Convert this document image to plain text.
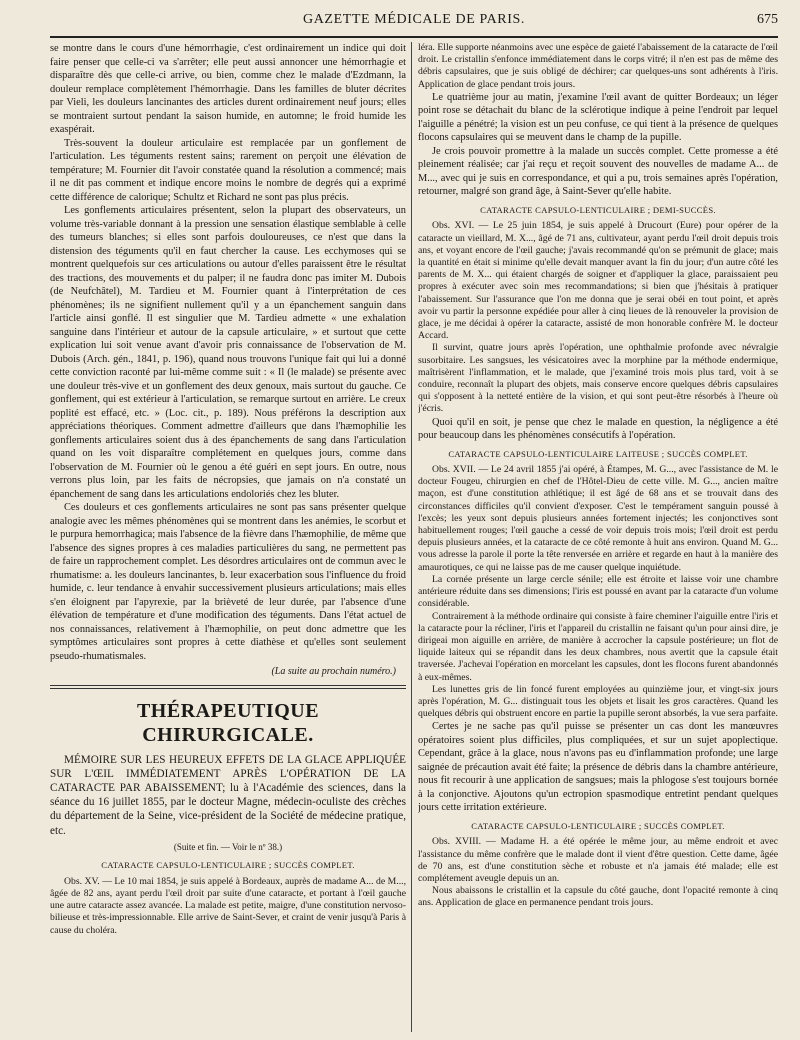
GAZETTE MÉDICALE DE PARIS.	675

se montre dans le cours d'une hémorrhagie, c'est ordinairement un indice qui doit faire penser que celle-ci va s'arrêter; elle peut aussi annoncer une hémorrhagie et disparaître dès que celle-ci arrive, ou bien, comme chez le malade d'Ezdmann, la douleur remplace complètement l'hémorrhagie. Dans les familles de bluter décrites par Vieli, les douleurs lancinantes des articles durent ordinairement neuf jours; elles se montraient surtout pendant la saison humide, en automne; le froid humide les exaspérait.

Très-souvent la douleur articulaire est remplacée par un gonflement de l'articulation. Les téguments restent sains; rarement on perçoit une élévation de température; M. Fournier dit l'avoir constatée quand la résolution a commencé; mais il ne dit pas comment et indique encore moins le nombre de degrés qui a exprimé cette différence de calorique; Schultz et Richard ne sont pas plus précis.

Les gonflements articulaires présentent, selon la plupart des observateurs, un volume très-variable donnant à la pression une sensation élastique semblable à celle des tumeurs blanches; si elles sont parfois douloureuses, ce n'est que dans la distension des téguments qu'il en faut chercher la cause. Les ecchymoses qui se montrent quelquefois sur ces articulations ou autour d'elles paraissent être le résultat des tractions, des mouvements et du palper; il ne faudra donc pas imiter M. Dubois (de Neufchâtel), M. Tardieu et M. Fournier quant à l'interprétation de ces phénomènes; ils ne signifient nullement qu'il y a un épanchement sanguin dans l'article ainsi gonflé. Il est singulier que M. Tardieu admette « une exhalation sanguine dans l'intérieur et autour de la capsule articulaire, » et surtout que cette explication lui soit venue avant d'avoir pris connaissance de l'observation de M. Dubois (Arch. gén., 1841, p. 196), quand nous trouvons l'unique fait qui lui a donné cette conviction raconté par lui-même comme suit : « Il (le malade) se présente avec une douleur très-vive et un gonflement des deux genoux, mais surtout du gauche. Ce gonflement, qui est extérieur à l'articulation, se remarque surtout en arrière. Le creux poplité est effacé, etc. » (Loc. cit., p. 189). Nous préférons la description aux appréciations théoriques. Comment admettre d'ailleurs que dans l'hæmophilie les gonflements articulaires soient dus à des épanchements de sang dans l'articulation quand on les voit disparaître complétement en quelques jours, comme dans l'observation de M. Fournier où le genou a été guéri en sept jours. En outre, nous verrons plus loin, par les faits de nécropsies, que jamais on n'a constaté un épanchement de sang dans les articulations endoloriés chez les bluter.

Ces douleurs et ces gonflements articulaires ne sont pas sans présenter quelque analogie avec les mêmes phénomènes qui se montrent dans les anémies, le scorbut et le purpura hemorrhagica; mais l'absence de la fièvre dans l'hæmophilie, de même que l'absence des signes propres à ces maladies particulières du sang, ne permettent pas de faire un rapprochement complet. Les désordres articulaires ont de commun avec le rhumatisme: a. les douleurs lancinantes, b. leur exacerbation sous l'influence du froid humide, c. leur tendance à envahir successivement plusieurs articulations; mais elles s'en éloignent par l'apyrexie, par la brièveté de leur durée, par l'absence d'une élévation de température et d'une modification des téguments. Dans l'état actuel de nos connaissances, relativement à l'hæmophilie, on peut donc admettre que les symptômes articulaires sont propres à cette diathèse et qu'elles sont seulement pseudo-rhumatismales.

(La suite au prochain numéro.)
THÉRAPEUTIQUE CHIRURGICALE.

MÉMOIRE SUR LES HEUREUX EFFETS DE LA GLACE APPLIQUÉE SUR L'ŒIL IMMÉDIATEMENT APRÈS L'OPÉRATION DE LA CATARACTE PAR ABAISSEMENT; lu à l'Académie des sciences, dans la séance du 16 juillet 1855, par le docteur Magne, médecin-oculiste des crèches du département de la Seine, vice-président de la Société de médecine pratique, etc.

(Suite et fin. — Voir le nº 38.)
CATARACTE CAPSULO-LENTICULAIRE ; SUCCÈS COMPLET.

Obs. XV. — Le 10 mai 1854, je suis appelé à Bordeaux, auprès de madame A... de M..., âgée de 82 ans, ayant perdu l'œil droit par suite d'une cataracte, et portant à l'œil gauche une autre cataracte assez avancée. La malade est petite, maigre, d'une constitution nervoso-bilieuse et très-impressionnable. Elle arrive de Saint-Sever, et craint de venir jusqu'à Paris à cause du choléra.

léra. Elle supporte néanmoins avec une espèce de gaieté l'abaissement de la cataracte de l'œil droit. Le cristallin s'enfonce immédiatement dans le corps vitré; il n'en est pas de même des débris capsulaires, que je suis obligé de déchirer; car quelques-uns sont adhérents à l'iris. Application de glace pendant trois jours.

Le quatrième jour au matin, j'examine l'œil avant de quitter Bordeaux; un léger point rose se détachait du blanc de la sclérotique indique à peine l'endroit par lequel l'aiguille a pénétré; la vision est un peu confuse, ce qui tient à la présence de quelques flocons capsulaires qui se meuvent dans le champ de la pupille.

Je crois pouvoir promettre à la malade un succès complet. Cette promesse a été pleinement réalisée; car j'ai reçu et reçoit souvent des nouvelles de madame A... de M..., avec qui je suis en correspondance, et qui a pu, trois semaines après l'opération, retourner, malgré son grand âge, à Saint-Sever qu'elle habite.

CATARACTE CAPSULO-LENTICULAIRE ; DEMI-SUCCÈS.

Obs. XVI. — Le 25 juin 1854, je suis appelé à Drucourt (Eure) pour opérer de la cataracte un vieillard, M. X..., âgé de 71 ans, cultivateur, ayant perdu l'œil droit depuis trois ans, et voyant encore de l'œil gauche; j'avais recommandé qu'on se prémunit de glace; mais la quantité en était si minime qu'elle devait manquer avant la fin du jour; d'un autre côté les parents de M. X... qui étaient chargés de soigner et d'appliquer la glace, paraissaient peu propres à exécuter avec soin mes recommandations; si bien que j'hésitais à pratiquer l'abaissement. Sur l'assurance que l'on me donna que je serai obéi en tout point, et après avoir vu partir la personne expédiée pour aller à cinq lieues de là renouveler la provision de glace, je me décidai à opérer la cataracte, assisté de mon honorable confrère M. le docteur Accard.

Il survint, quatre jours après l'opération, une ophthalmie profonde avec névralgie susorbitaire. Les sangsues, les vésicatoires avec la morphine par la méthode endermique, maîtrisèrent l'inflammation, et le malade, que j'examiné trois mois plus tard, voit à se conduire, reconnaît la plupart des objets, mais conserve encore quelques débris capsulaires qui s'opposent à la netteté entière de la vision, et qui sont peut-être résorbés à l'heure où j'écris.

Quoi qu'il en soit, je pense que chez le malade en question, la négligence a été pour beaucoup dans les phénomènes consécutifs à l'opération.

CATARACTE CAPSULO-LENTICULAIRE LAITEUSE ; SUCCÈS COMPLET.

Obs. XVII. — Le 24 avril 1855 j'ai opéré, à Étampes, M. G..., avec l'assistance de M. le docteur Fougeu, chirurgien en chef de l'Hôtel-Dieu de cette ville. M. G..., ancien maître maçon, est d'une constitution athlétique; il est âgé de 68 ans et se trouvait dans des circonstances difficiles qu'il convient d'exposer. C'est le tempérament sanguin poussé à l'excès; les yeux sont depuis plusieurs années fortement injectés; les conjonctives sont habituellement rouges; l'œil gauche a cessé de voir depuis trois mois; l'œil droit est perdu depuis plusieurs années, et la cataracte de ce côté remonte à huit ans environ. Quand M. G... vous adresse la parole il porte la tête renversée en arrière et regarde en haut à la manière des amaurotiques, ce qui ne laisse pas de me causer quelque inquiétude.

La cornée présente un large cercle sénile; elle est étroite et laisse voir une chambre antérieure réduite dans ses dimensions; l'iris est poussé en avant par la cataracte d'un volume considérable.

Contrairement à la méthode ordinaire qui consiste à faire cheminer l'aiguille entre l'iris et la cataracte pour la récliner, l'iris et l'appareil du cristallin ne faisant qu'un pour ainsi dire, je dirigeai mon aiguille en arrière, de manière à accrocher la capsule postérieure; un flot de liquide laiteux qui se répandit dans les deux chambres, nous avertit que la capsule était traversée. J'achevai l'opération en morcelant les capsules, dont les flocons furent abandonnés à eux-mêmes.

Les lunettes gris de lin foncé furent employées au quinzième jour, et vingt-six jours après l'opération, M. G... distinguait tous les objets et lisait les gros caractères. Quand les quelques débris qui obstruent encore en partie la pupille seront absorbés, la vue sera parfaite.

Certes je ne sache pas qu'il puisse se présenter un cas dont les manœuvres opératoires soient plus difficiles, plus compliquées, et sur un sujet apoplectique. Cependant, grâce à la glace, nous n'avons pas eu d'inflammation profonde; une large saignée de précaution avait été faite; la présence de débris dans la chambre antérieure, nous fit recourir à une application de sangsues; mais la phlogose s'est toujours bornée à la conjonctive. Ajoutons qu'un ectropion spasmodique entretint pendant quelques jours cette irritation extérieure.

CATARACTE CAPSULO-LENTICULAIRE ; SUCCÈS COMPLET.

Obs. XVIII. — Madame H. a été opérée le même jour, au même endroit et avec l'assistance du même confrère que le malade dont il vient d'être question. Cette dame, âgée de 70 ans, est d'une constitution sèche et robuste et n'a jamais été malade; elle est complétement aveugle depuis un an.

Nous abaissons le cristallin et la capsule du côté gauche, dont l'opacité remonte à cinq ans. Application de glace en permanence pendant trois jours.
